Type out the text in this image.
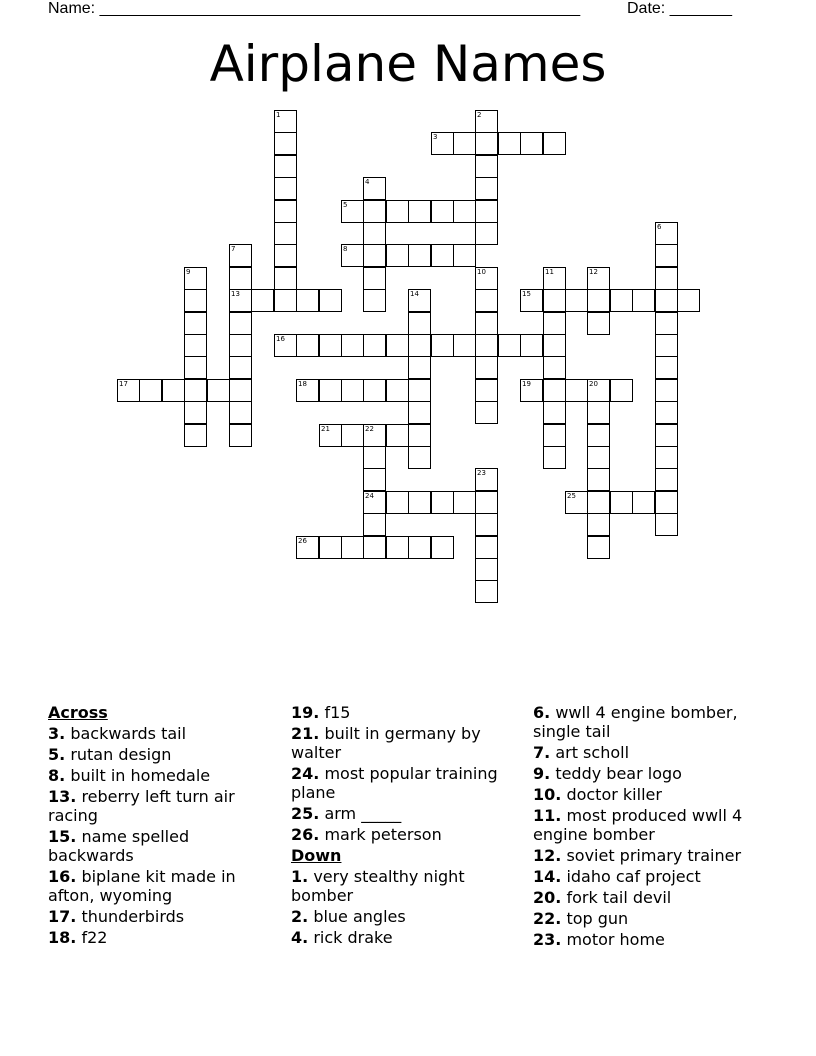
Name: ______________________________________________________	Date: _______
Airplane Names
1	2
3
4
5
6
7
13
8
9	10	11	12
14	15
16
17	18	19	20
21	22
24
23
25
26
Across
3. backwards tail
5. rutan design
8. built in homedale
13. reberry left turn air racing
15. name spelled backwards
16. biplane kit made in afton, wyoming
17. thunderbirds
18. f22
19. f15
21. built in germany by walter
24. most popular training plane
25. arm _____
26. mark peterson
Down
1. very stealthy night bomber
2. blue angles
4. rick drake
6. wwll 4 engine bomber, single tail
7. art scholl
9. teddy bear logo
10. doctor killer
11. most produced wwll 4 engine bomber
12. soviet primary trainer
14. idaho caf project
20. fork tail devil
22. top gun
23. motor home
